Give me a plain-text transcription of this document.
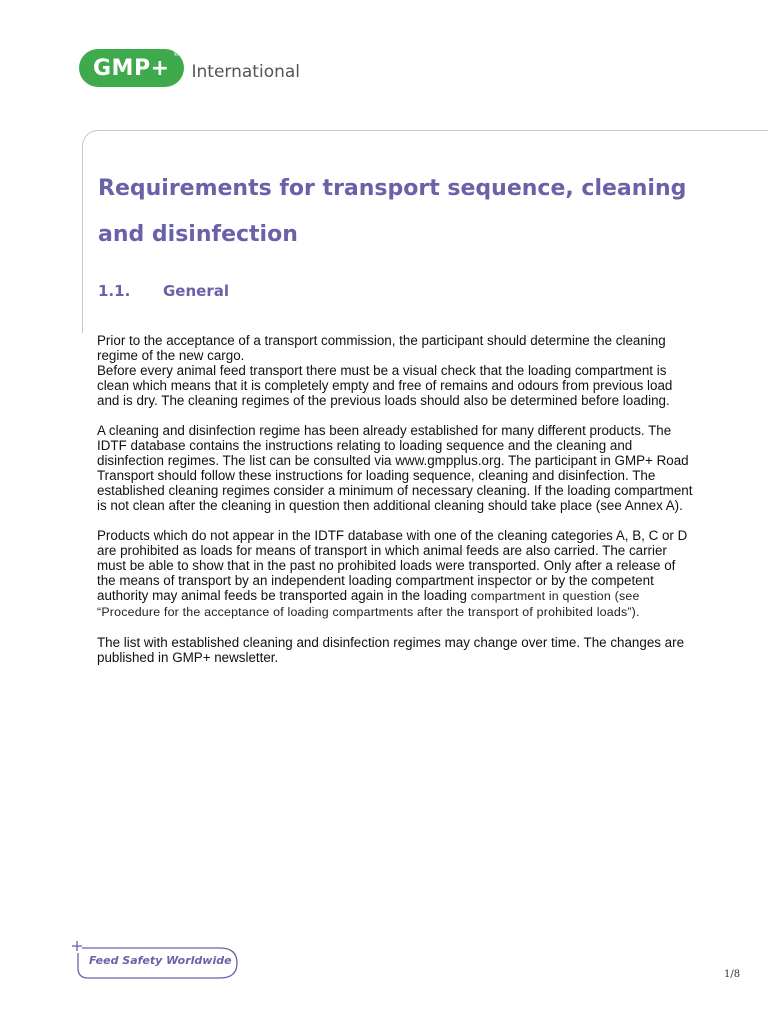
GMP+
®
International
Requirements for transport sequence, cleaning and disinfection
1.1.	General

Prior to the acceptance of a transport commission, the participant should determine the cleaning regime of the new cargo.

Before every animal feed transport there must be a visual check that the loading compartment is clean which means that it is completely empty and free of remains and odours from previous load and is dry. The cleaning regimes of the previous loads should also be determined before loading.

A cleaning and disinfection regime has been already established for many different products. The IDTF database contains the instructions relating to loading sequence and the cleaning and disinfection regimes. The list can be consulted via www.gmpplus.org. The participant in GMP+ Road Transport should follow these instructions for loading sequence, cleaning and disinfection. The established cleaning regimes consider a minimum of necessary cleaning. If the loading compartment is not clean after the cleaning in question then additional cleaning should take place (see Annex A).

Products which do not appear in the IDTF database with one of the cleaning categories A, B, C or D are prohibited as loads for means of transport in which animal feeds are also carried. The carrier must be able to show that in the past no prohibited loads were transported. Only after a release of the means of transport by an independent loading compartment inspector or by the competent authority may animal feeds be transported again in the loading compartment in question (see “Procedure for the acceptance of loading compartments after the transport of prohibited loads”).

The list with established cleaning and disinfection regimes may change over time. The changes are published in GMP+ newsletter.

Feed Safety Worldwide
1/8
